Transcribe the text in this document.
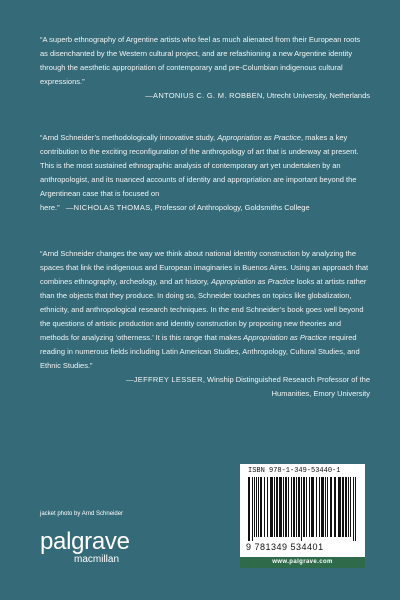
“A superb ethnography of Argentine artists who feel as much alienated from their European roots as disenchanted by the Western cultural project, and are refashioning a new Argentine identity through the aesthetic appropriation of contemporary and pre-Columbian indigenous cultural expressions.”

—ANTONIUS C. G. M. ROBBEN, Utrecht University, Netherlands

“Arnd Schneider’s methodologically innovative study, Appropriation as Practice, makes a key contribution to the exciting reconfiguration of the anthropology of art that is underway at present. This is the most sustained ethnographic analysis of contemporary art yet undertaken by an anthropologist, and its nuanced accounts of identity and appropriation are important beyond the Argentinean case that is focused on here.” —NICHOLAS THOMAS, Professor of Anthropology, Goldsmiths College

“Arnd Schneider changes the way we think about national identity construction by analyzing the spaces that link the indigenous and European imaginaries in Buenos Aires. Using an approach that combines ethnography, archeology, and art history, Appropriation as Practice looks at artists rather than the objects that they produce. In doing so, Schneider touches on topics like globalization, ethnicity, and anthropological research techniques. In the end Schneider’s book goes well beyond the questions of artistic production and identity construction by proposing new theories and methods for analyzing ‘otherness.’ It is this range that makes Appropriation as Practice required reading in numerous fields including Latin American Studies, Anthropology, Cultural Studies, and Ethnic Studies.”

—JEFFREY LESSER, Winship Distinguished Research Professor of the Humanities, Emory University

jacket photo by Arnd Schneider

palgrave

macmillan

ISBN 978-1-349-53440-1
9 781349 534401
www.palgrave.com
